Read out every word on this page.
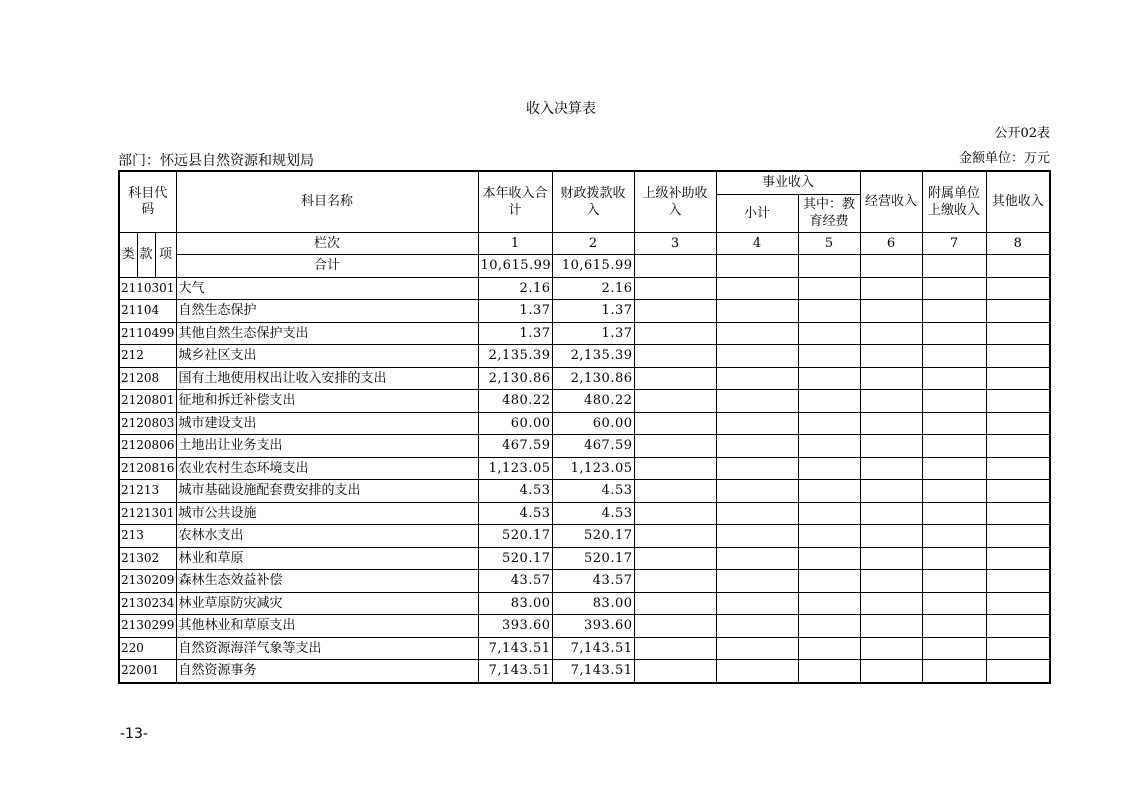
收入决算表
公开02表
部门：怀远县自然资源和规划局	金额单位：万元
科目代码			科目名称	本年收入合计	财政拨款收入	上级补助收入	事业收入		经营收入	附属单位上缴收入	其他收入
							小计	其中：教育经费			
类	款	项	栏次	1	2	3	4	5	6	7	8
			合计	10,615.99	10,615.99						
2110301			大气	2.16	2.16						
21104			自然生态保护	1.37	1.37						
2110499			其他自然生态保护支出	1.37	1.37						
212			城乡社区支出	2,135.39	2,135.39						
21208			国有土地使用权出让收入安排的支出	2,130.86	2,130.86						
2120801			征地和拆迁补偿支出	480.22	480.22						
2120803			城市建设支出	60.00	60.00						
2120806			土地出让业务支出	467.59	467.59						
2120816			农业农村生态环境支出	1,123.05	1,123.05						
21213			城市基础设施配套费安排的支出	4.53	4.53						
2121301			城市公共设施	4.53	4.53						
213			农林水支出	520.17	520.17						
21302			林业和草原	520.17	520.17						
2130209			森林生态效益补偿	43.57	43.57						
2130234			林业草原防灾减灾	83.00	83.00						
2130299			其他林业和草原支出	393.60	393.60						
220			自然资源海洋气象等支出	7,143.51	7,143.51						
22001			自然资源事务	7,143.51	7,143.51						
-13-
